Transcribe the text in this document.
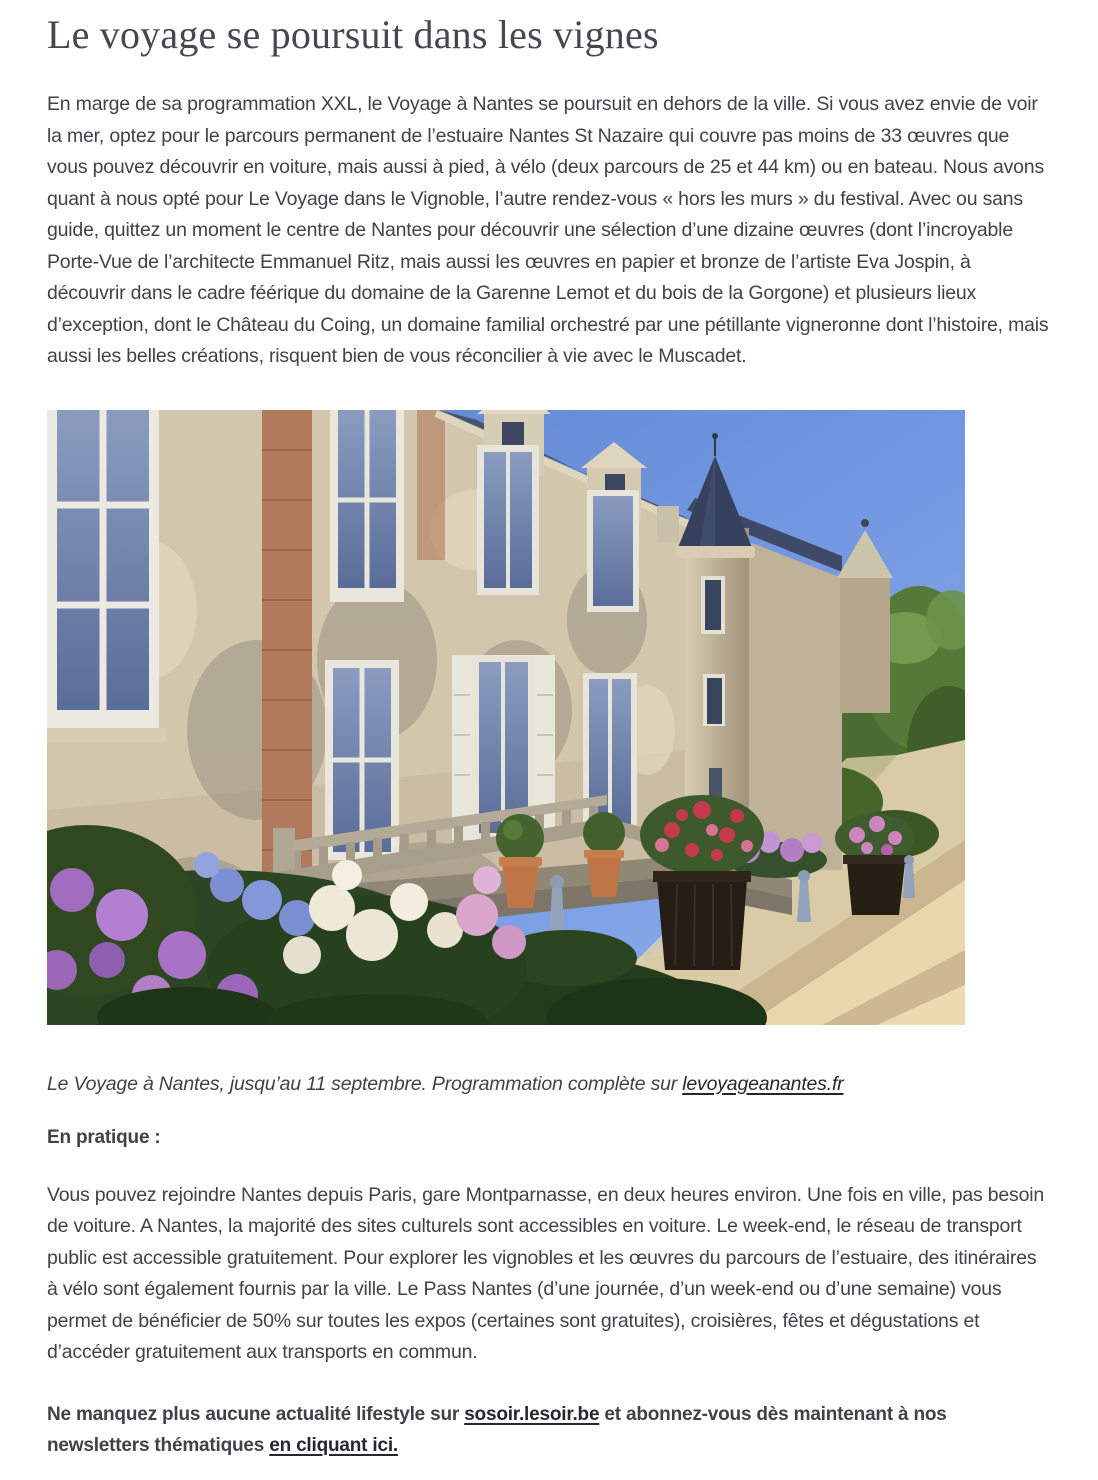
Le voyage se poursuit dans les vignes

En marge de sa programmation XXL, le Voyage à Nantes se poursuit en dehors de la ville. Si vous avez envie de voir la mer, optez pour le parcours permanent de l’estuaire Nantes St Nazaire qui couvre pas moins de 33 œuvres que vous pouvez découvrir en voiture, mais aussi à pied, à vélo (deux parcours de 25 et 44 km) ou en bateau. Nous avons quant à nous opté pour Le Voyage dans le Vignoble, l’autre rendez-vous « hors les murs » du festival. Avec ou sans guide, quittez un moment le centre de Nantes pour découvrir une sélection d’une dizaine œuvres (dont l’incroyable Porte-Vue de l’architecte Emmanuel Ritz, mais aussi les œuvres en papier et bronze de l’artiste Eva Jospin, à découvrir dans le cadre féérique du domaine de la Garenne Lemot et du bois de la Gorgone) et plusieurs lieux d’exception, dont le Château du Coing, un domaine familial orchestré par une pétillante vigneronne dont l’histoire, mais aussi les belles créations, risquent bien de vous réconcilier à vie avec le Muscadet.

Le Voyage à Nantes, jusqu’au 11 septembre. Programmation complète sur levoyageanantes.fr

En pratique :

Vous pouvez rejoindre Nantes depuis Paris, gare Montparnasse, en deux heures environ. Une fois en ville, pas besoin de voiture. A Nantes, la majorité des sites culturels sont accessibles en voiture. Le week-end, le réseau de transport public est accessible gratuitement. Pour explorer les vignobles et les œuvres du parcours de l’estuaire, des itinéraires à vélo sont également fournis par la ville. Le Pass Nantes (d’une journée, d’un week-end ou d’une semaine) vous permet de bénéficier de 50% sur toutes les expos (certaines sont gratuites), croisières, fêtes et dégustations et d’accéder gratuitement aux transports en commun.

Ne manquez plus aucune actualité lifestyle sur sosoir.lesoir.be et abonnez-vous dès maintenant à nos newsletters thématiques en cliquant ici.
